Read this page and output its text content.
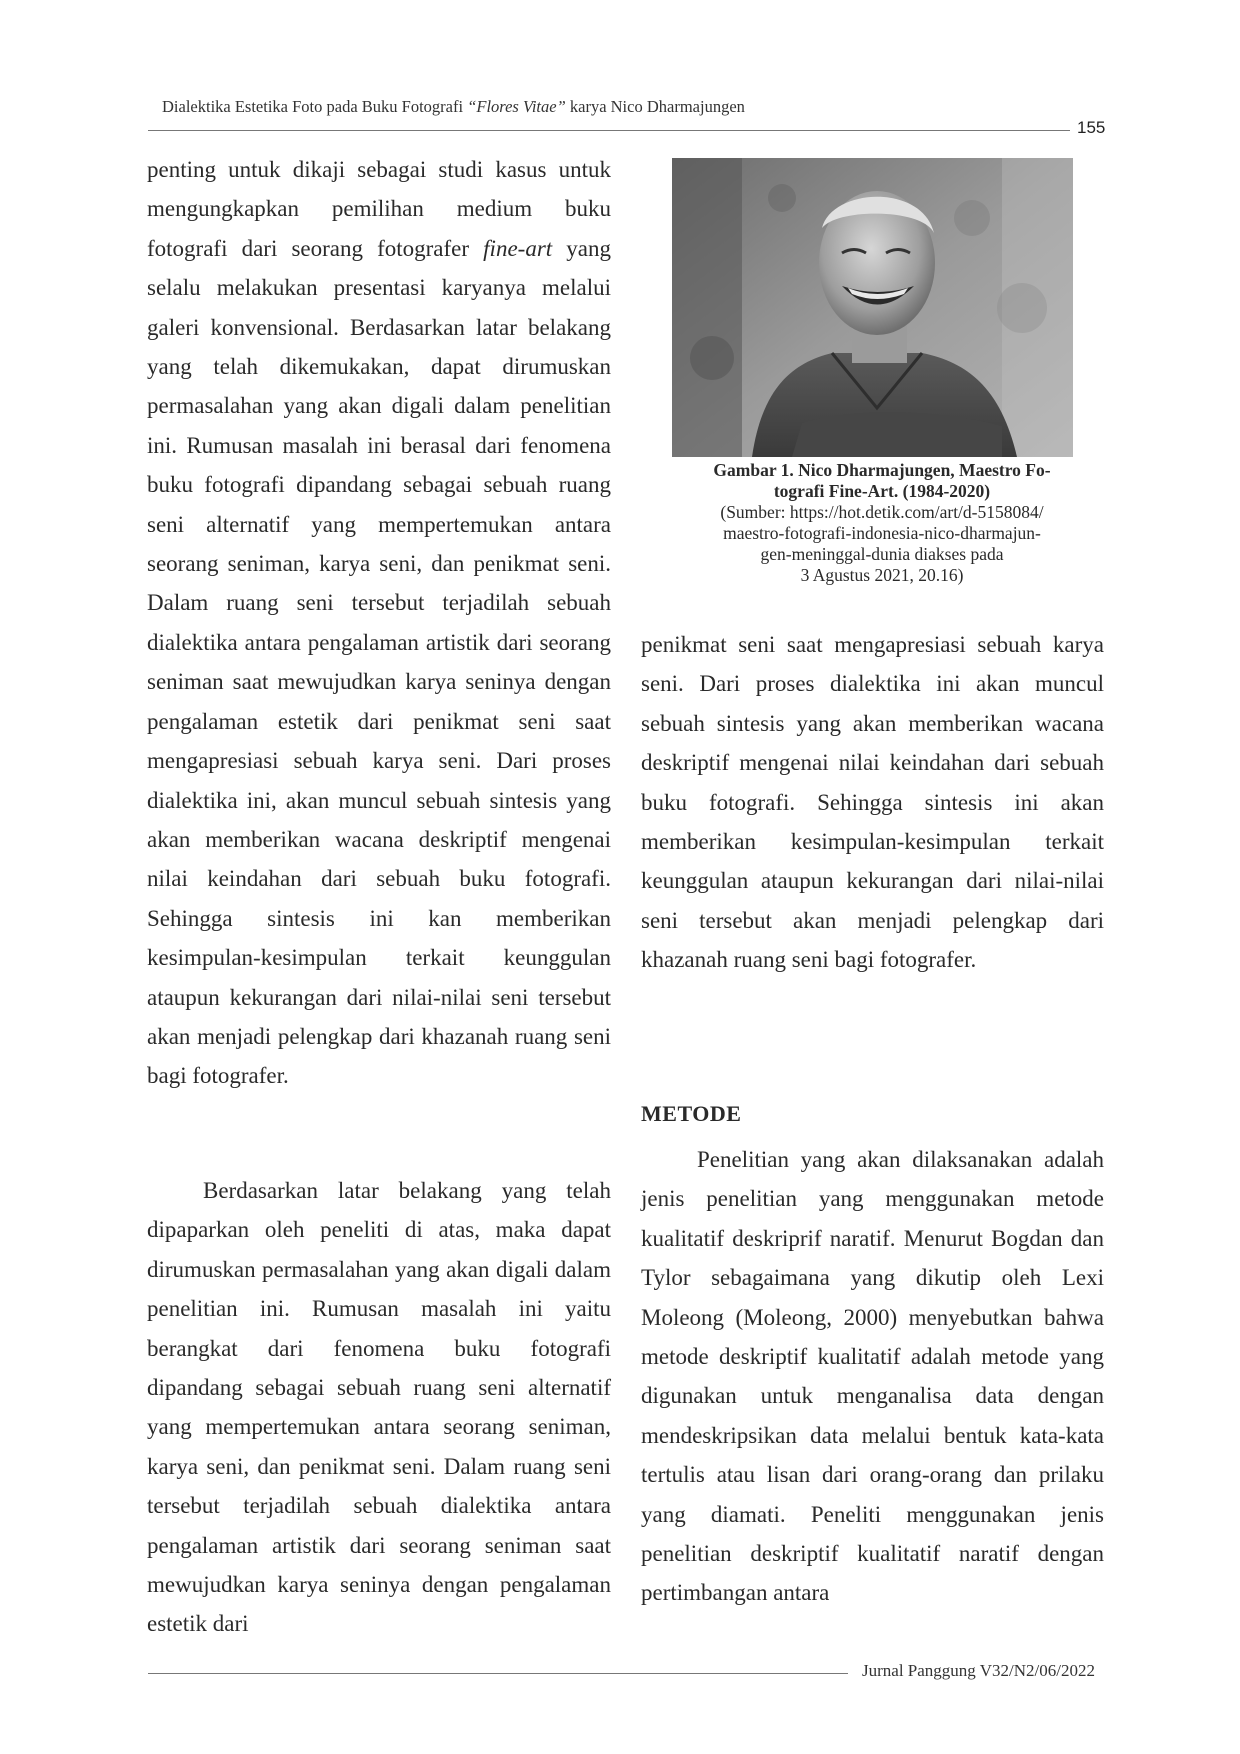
Dialektika Estetika Foto pada Buku Fotografi “Flores Vitae” karya Nico Dharmajungen
155

penting untuk dikaji sebagai studi kasus untuk mengungkapkan pemilihan medium buku fotografi dari seorang fotografer fine-art yang selalu melakukan presentasi karyanya melalui galeri konvensional. Berdasarkan latar belakang yang telah dikemukakan, dapat dirumuskan permasalahan yang akan digali dalam penelitian ini. Rumusan masalah ini berasal dari fenomena buku fotografi dipandang sebagai sebuah ruang seni alternatif yang mempertemukan antara seorang seniman, karya seni, dan penikmat seni. Dalam ruang seni tersebut terjadilah sebuah dialektika antara pengalaman artistik dari seorang seniman saat mewujudkan karya seninya dengan pengalaman estetik dari penikmat seni saat mengapresiasi sebuah karya seni. Dari proses dialektika ini, akan muncul sebuah sintesis yang akan memberikan wacana deskriptif mengenai nilai keindahan dari sebuah buku fotografi. Sehingga sintesis ini kan memberikan kesimpulan-kesimpulan terkait keunggulan ataupun kekurangan dari nilai-nilai seni tersebut akan menjadi pelengkap dari khazanah ruang seni bagi fotografer.

Berdasarkan latar belakang yang telah dipaparkan oleh peneliti di atas, maka dapat dirumuskan permasalahan yang akan digali dalam penelitian ini. Rumusan masalah ini yaitu berangkat dari fenomena buku fotografi dipandang sebagai sebuah ruang seni alternatif yang mempertemukan antara seorang seniman, karya seni, dan penikmat seni. Dalam ruang seni tersebut terjadilah sebuah dialektika antara pengalaman artistik dari seorang seniman saat mewujudkan karya seninya dengan pengalaman estetik dari

Gambar 1. Nico Dharmajungen, Maestro Fo-
tografi Fine-Art. (1984-2020)
(Sumber: https://hot.detik.com/art/d-5158084/
maestro-fotografi-indonesia-nico-dharmajun-
gen-meninggal-dunia diakses pada
3 Agustus 2021, 20.16)

penikmat seni saat mengapresiasi sebuah karya seni. Dari proses dialektika ini akan muncul sebuah sintesis yang akan memberikan wacana deskriptif mengenai nilai keindahan dari sebuah buku fotografi. Sehingga sintesis ini akan memberikan kesimpulan-kesimpulan terkait keunggulan ataupun kekurangan dari nilai-nilai seni tersebut akan menjadi pelengkap dari khazanah ruang seni bagi fotografer.

METODE

Penelitian yang akan dilaksanakan adalah jenis penelitian yang menggunakan metode kualitatif deskriprif naratif. Menurut Bogdan dan Tylor sebagaimana yang dikutip oleh Lexi Moleong (Moleong, 2000) menyebutkan bahwa metode deskriptif kualitatif adalah metode yang digunakan untuk menganalisa data dengan mendeskripsikan data melalui bentuk kata-kata tertulis atau lisan dari orang-orang dan prilaku yang diamati. Peneliti menggunakan jenis penelitian deskriptif kualitatif naratif dengan pertimbangan antara

Jurnal Panggung V32/N2/06/2022
